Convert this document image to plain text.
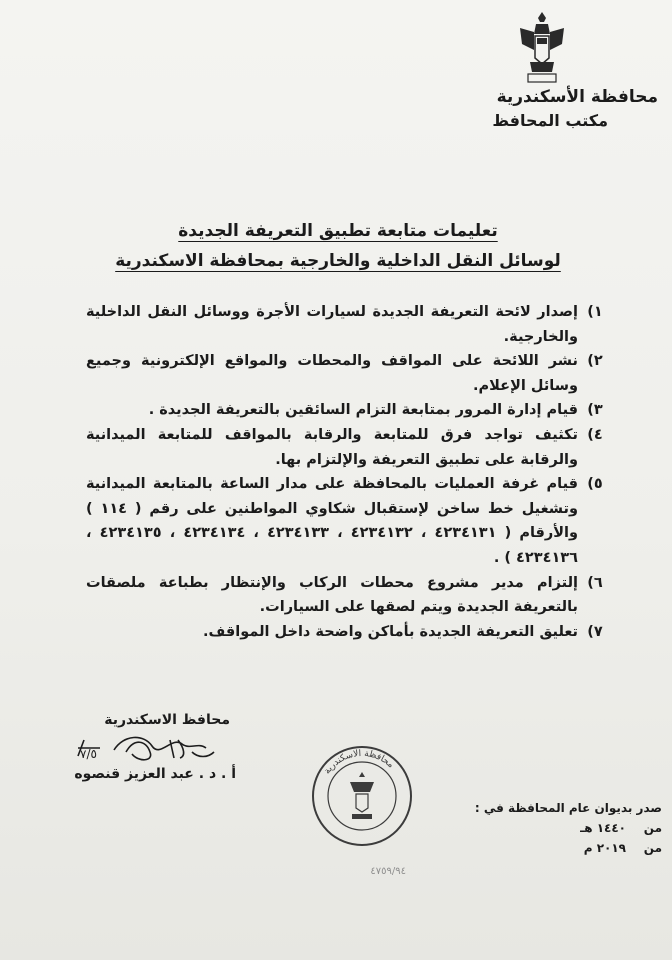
محافظة الأسكندرية
مكتب المحافظ
تعليمات متابعة تطبيق التعريفة الجديدة
لوسائل النقل الداخلية والخارجية بمحافظة الاسكندرية
١)
إصدار لائحة التعريفة الجديدة لسيارات الأجرة ووسائل النقل الداخلية والخارجية.
٢)
نشر اللائحة على المواقف والمحطات والمواقع الإلكترونية وجميع وسائل الإعلام.
٣)
قيام إدارة المرور بمتابعة التزام السائقين بالتعريفة الجديدة .
٤)
تكثيف تواجد فرق للمتابعة والرقابة بالمواقف للمتابعة الميدانية والرقابة على تطبيق التعريفة والإلتزام بها.
٥)
قيام غرفة العمليات بالمحافظة على مدار الساعة بالمتابعة الميدانية وتشغيل خط ساخن لإستقبال شكاوي المواطنين على رقم ( ١١٤ ) والأرقام ( ٤٢٣٤١٣١ ، ٤٢٣٤١٣٢ ، ٤٢٣٤١٣٣ ، ٤٢٣٤١٣٤ ، ٤٢٣٤١٣٥ ، ٤٢٣٤١٣٦ ) .
٦)
إلتزام مدير مشروع محطات الركاب والإنتظار بطباعة ملصقات بالتعريفة الجديدة ويتم لصقها على السيارات.
٧)
تعليق التعريفة الجديدة بأماكن واضحة داخل المواقف.
محافظ الاسكندرية
٧/٥
أ . د . عبد العزيز قنصوه	محافظة الاسكندرية
٤٧٥٩/٩٤
صدر بديوان عام المحافظة في :
من
١٤٤٠ هـ
من
٢٠١٩ م
